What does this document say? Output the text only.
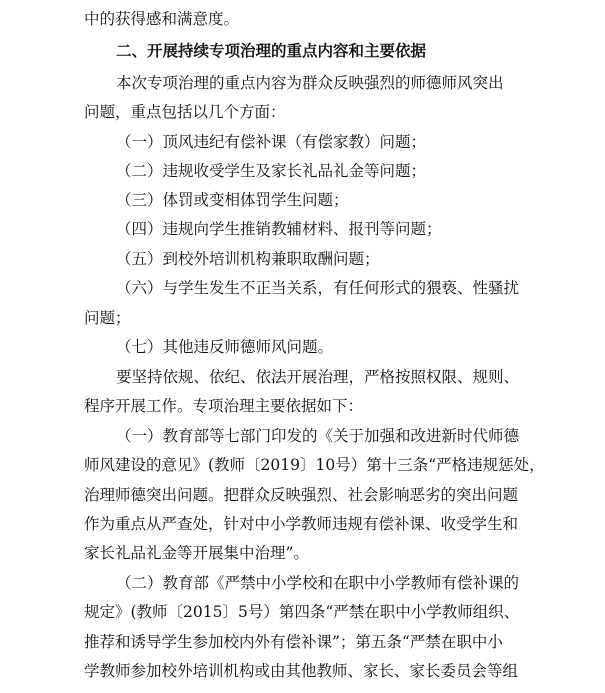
中的获得感和满意度。
二、开展持续专项治理的重点内容和主要依据
本次专项治理的重点内容为群众反映强烈的师德师风突出
问题，重点包括以几个方面：
（一）顶风违纪有偿补课（有偿家教）问题；
（二）违规收受学生及家长礼品礼金等问题；
（三）体罚或变相体罚学生问题；
（四）违规向学生推销教辅材料、报刊等问题；
（五）到校外培训机构兼职取酬问题；
（六）与学生发生不正当关系，有任何形式的猥亵、性骚扰
问题；
（七）其他违反师德师风问题。
要坚持依规、依纪、依法开展治理，严格按照权限、规则、
程序开展工作。专项治理主要依据如下：
（一）教育部等七部门印发的《关于加强和改进新时代师德
师风建设的意见》(教师〔2019〕10号）第十三条“严格违规惩处，
治理师德突出问题。把群众反映强烈、社会影响恶劣的突出问题
作为重点从严查处，针对中小学教师违规有偿补课、收受学生和
家长礼品礼金等开展集中治理”。
（二）教育部《严禁中小学校和在职中小学教师有偿补课的
规定》(教师〔2015〕5号）第四条“严禁在职中小学教师组织、
推荐和诱导学生参加校内外有偿补课”；第五条“严禁在职中小
学教师参加校外培训机构或由其他教师、家长、家长委员会等组
